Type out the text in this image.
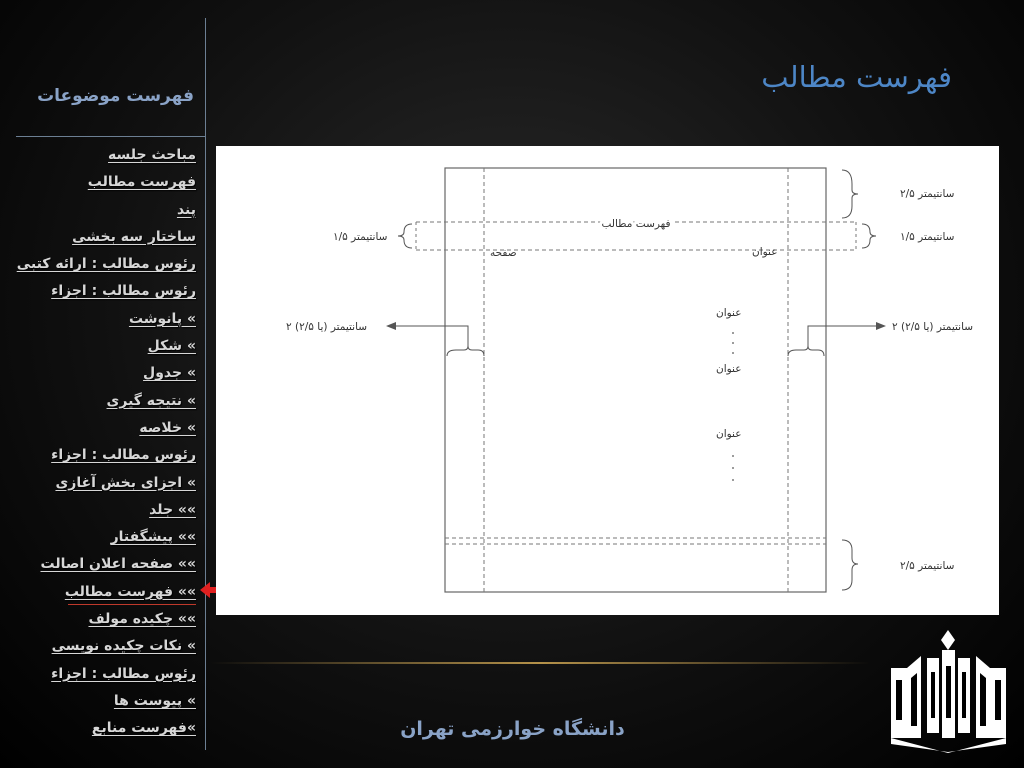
فهرست موضوعات
مباحث جلسه
فهرست مطالب
پند
ساختار سه بخشی
رئوس مطالب : ارائه کتبی
رئوس مطالب : اجزاء
» پانوشت
» شکل
» جدول
» نتیجه گیری
» خلاصه
رئوس مطالب : اجزاء
» اجزای بخش آغازی
»» جلد
»» پیشگفتار
»» صفحه اعلان اصالت
»» فهرست مطالب
»» چکیده مولف
» نکات چکیده نویسی
رئوس مطالب : اجزاء
» پیوست ها
»فهرست منابع
فهرست مطالب
۲/۵ سانتیمتر
۱/۵ سانتیمتر
۱/۵ سانتیمتر
فهرست مطالب
صفحه	عنوان
۲ (یا ۲/۵) سانتیمتر	۲ (یا ۲/۵) سانتیمتر
عنوان
عنوان
عنوان
۲/۵ سانتیمتر
دانشگاه خوارزمی تهران
